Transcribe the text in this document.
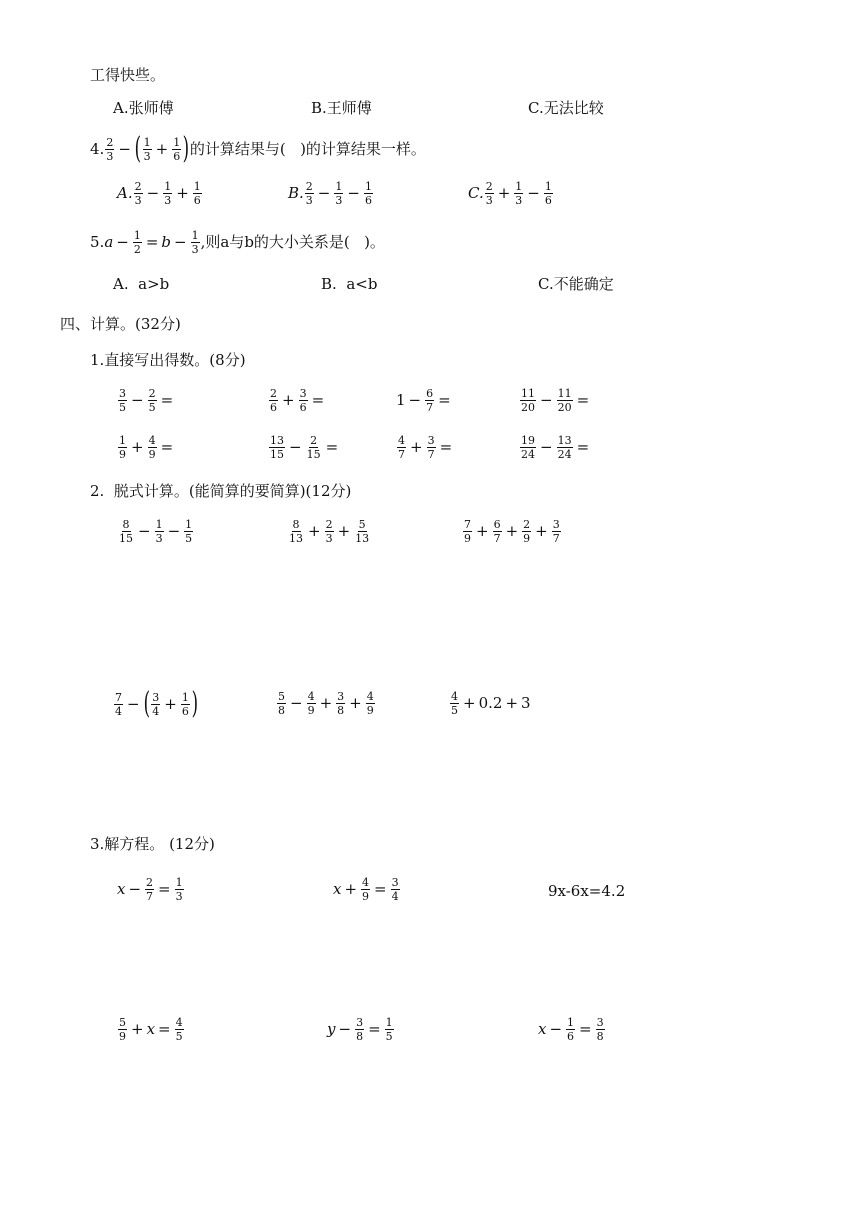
工得快些。
A.张师傅	B.王师傅	C.无法比较
4. $\frac{2}{3}$ − ( $\frac{1}{3} + \frac{1}{6}$ ) 的计算结果与(   )的计算结果一样。
A. $\frac{2}{3} - \frac{1}{3} + \frac{1}{6}$	B. $\frac{2}{3} - \frac{1}{3} - \frac{1}{6}$	C. $\frac{2}{3} + \frac{1}{3} - \frac{1}{6}$
5. $a - \frac{1}{2} = b - \frac{1}{3}$ ,则a与b的大小关系是(   )。
A.  a>b	B.  a<b	C.不能确定
四、计算。(32分)
1.直接写出得数。(8分)
$\frac{3}{5} - \frac{2}{5}$ =	$\frac{2}{6} + \frac{3}{6}$ =	$1 - \frac{6}{7}$ =	$\frac{11}{20} - \frac{11}{20}$ =
$\frac{1}{9} + \frac{4}{9}$ =	$\frac{13}{15} - \frac{2}{15}$ =	$\frac{4}{7} + \frac{3}{7}$ =	$\frac{19}{24} - \frac{13}{24}$ =
2.  脱式计算。(能简算的要简算)(12分)
$\frac{8}{15} - \frac{1}{3} - \frac{1}{5}$	$\frac{8}{13} + \frac{2}{3} + \frac{5}{13}$	$\frac{7}{9} + \frac{6}{7} + \frac{2}{9} + \frac{3}{7}$
$\frac{7}{4}$ − ( $\frac{3}{4} + \frac{1}{6}$ )	$\frac{5}{8} - \frac{4}{9} + \frac{3}{8} + \frac{4}{9}$	$\frac{4}{5} + 0.2 + 3$
3.解方程。 (12分)
$x - \frac{2}{7} = \frac{1}{3}$	$x + \frac{4}{9} = \frac{3}{4}$	9x-6x=4.2
$\frac{5}{9} + x = \frac{4}{5}$	$y - \frac{3}{8} = \frac{1}{5}$	$x - \frac{1}{6} = \frac{3}{8}$
